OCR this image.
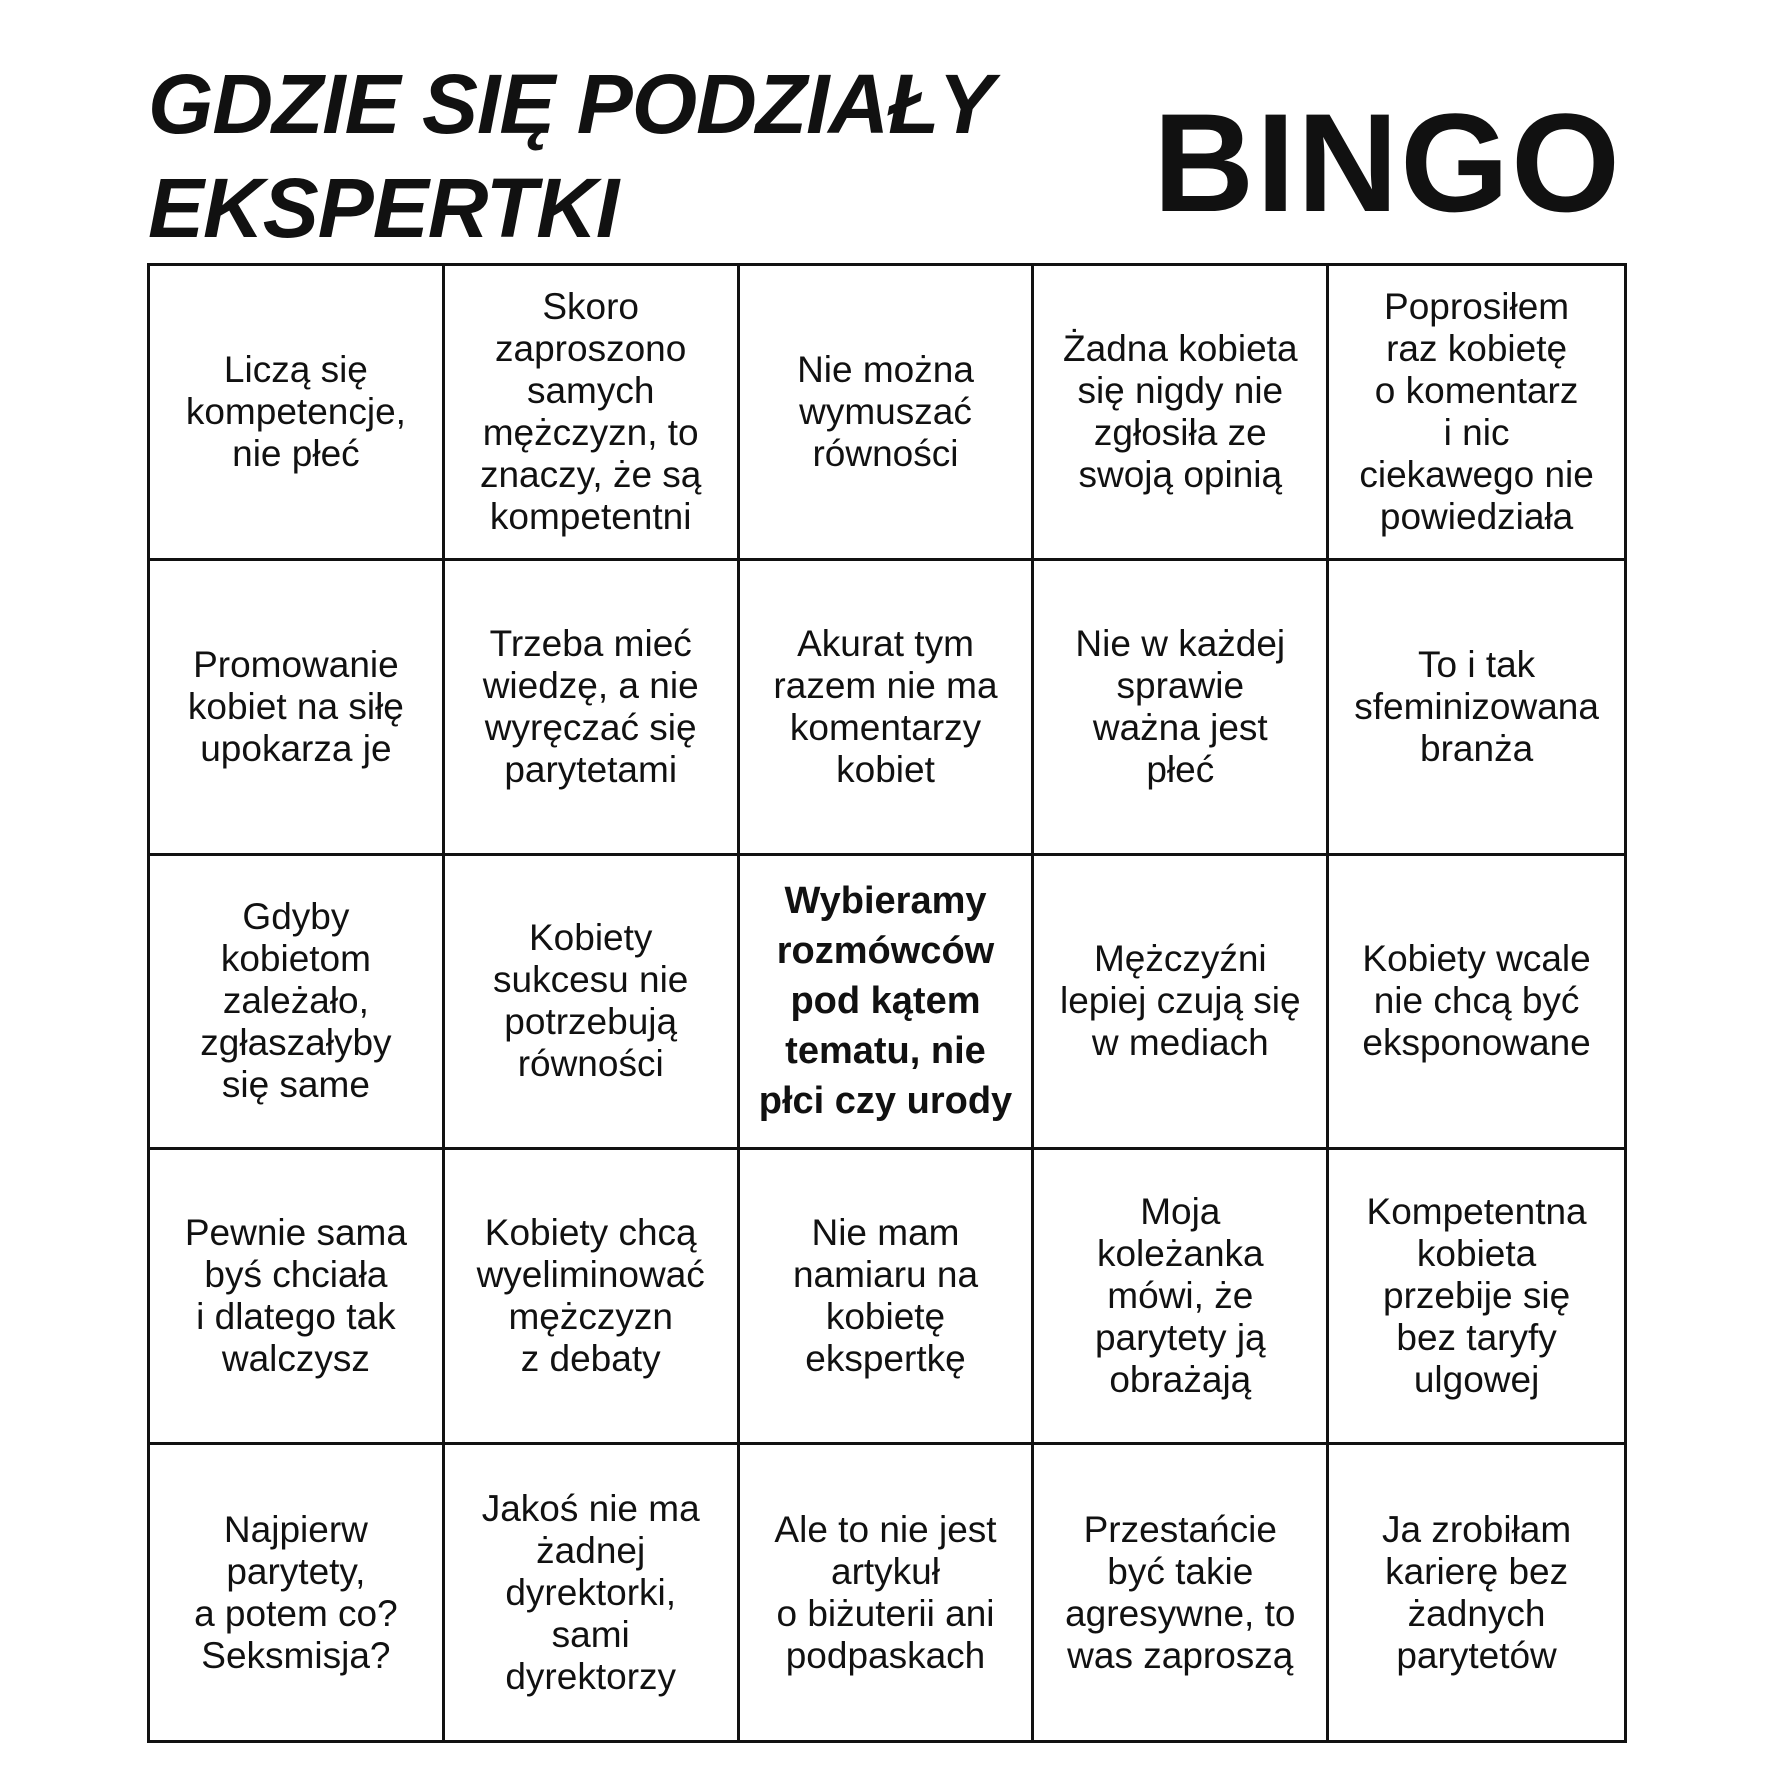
GDZIE SIĘ PODZIAŁY
EKSPERTKI	BINGO
Liczą się
kompetencje,
nie płeć
Skoro
zaproszono
samych
mężczyzn, to
znaczy, że są
kompetentni
Nie można
wymuszać
równości
Żadna kobieta
się nigdy nie
zgłosiła ze
swoją opinią
Poprosiłem
raz kobietę
o komentarz
i nic
ciekawego nie
powiedziała
Promowanie
kobiet na siłę
upokarza je
Trzeba mieć
wiedzę, a nie
wyręczać się
parytetami
Akurat tym
razem nie ma
komentarzy
kobiet
Nie w każdej
sprawie
ważna jest
płeć
To i tak
sfeminizowana
branża
Gdyby
kobietom
zależało,
zgłaszałyby
się same
Kobiety
sukcesu nie
potrzebują
równości
Wybieramy
rozmówców
pod kątem
tematu, nie
płci czy urody
Mężczyźni
lepiej czują się
w mediach
Kobiety wcale
nie chcą być
eksponowane
Pewnie sama
byś chciała
i dlatego tak
walczysz
Kobiety chcą
wyeliminować
mężczyzn
z debaty
Nie mam
namiaru na
kobietę
ekspertkę
Moja
koleżanka
mówi, że
parytety ją
obrażają
Kompetentna
kobieta
przebije się
bez taryfy
ulgowej
Najpierw
parytety,
a potem co?
Seksmisja?
Jakoś nie ma
żadnej
dyrektorki,
sami
dyrektorzy
Ale to nie jest
artykuł
o biżuterii ani
podpaskach
Przestańcie
być takie
agresywne, to
was zaproszą
Ja zrobiłam
karierę bez
żadnych
parytetów
